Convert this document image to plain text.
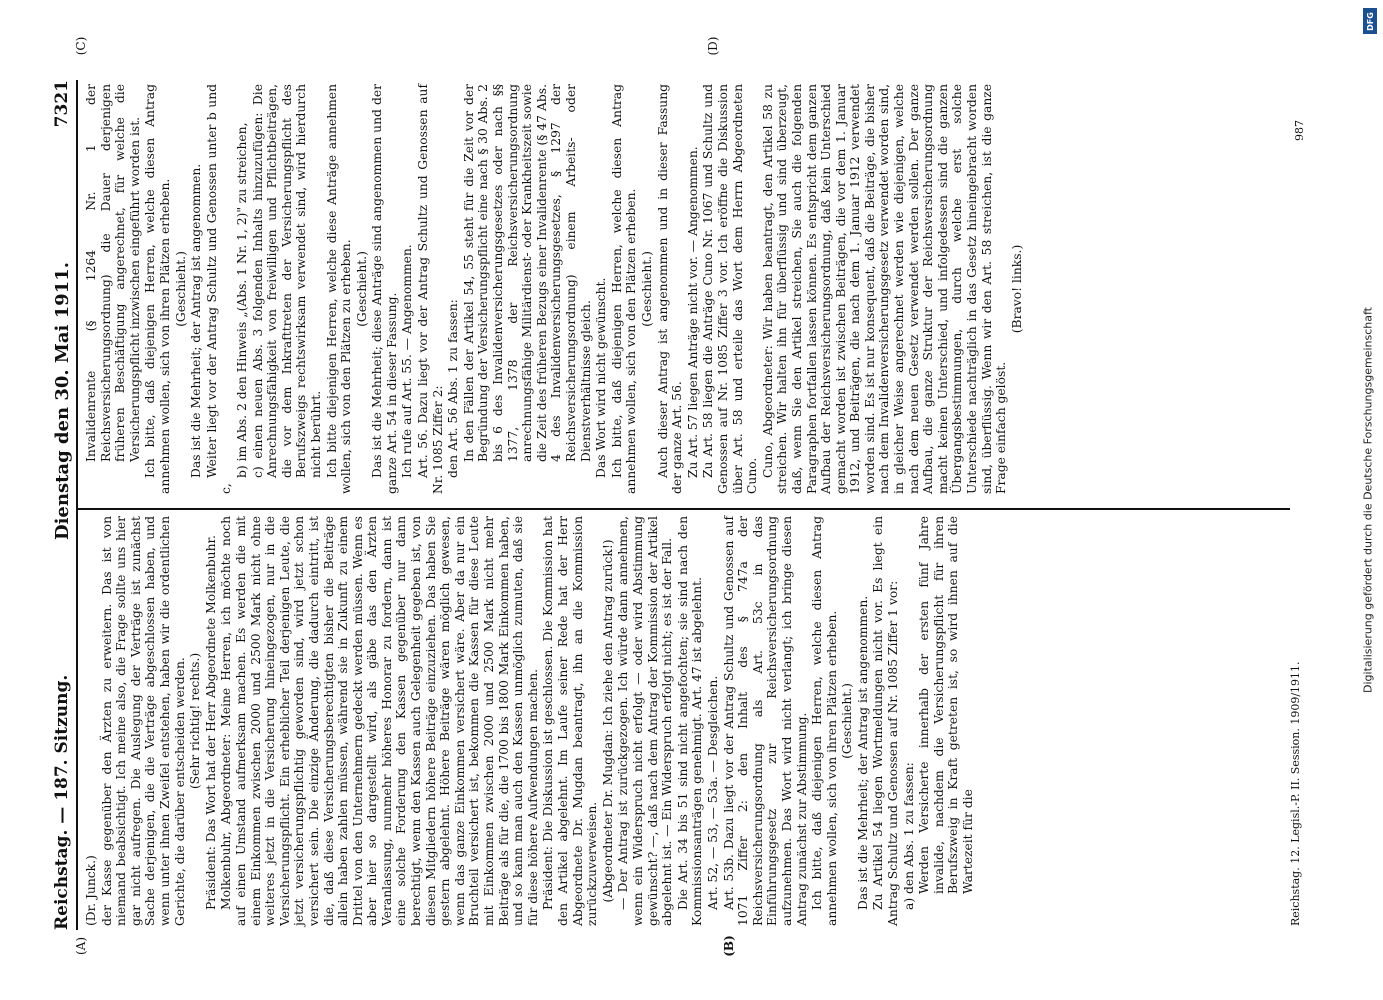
Reichstag. — 187. Sitzung.
Dienstag den 30. Mai 1911.
7321
(A)	(B)
(C)	(D)

(Dr. Junck.) der Kasse gegenüber den Ärzten zu erweitern. Das ist von niemand beabsichtigt. Ich meine also, die Frage sollte uns hier gar nicht aufregen. Die Auslegung der Verträge ist zunächst Sache derjenigen, die die Verträge abgeschlossen haben, und wenn unter ihnen Zweifel entstehen, haben wir die ordentlichen Gerichte, die darüber entscheiden werden. (Sehr richtig! rechts.) Präsident: Das Wort hat der Herr Abgeordnete Molkenbuhr. Molkenbuhr, Abgeordneter: Meine Herren, ich möchte noch auf einen Umstand aufmerksam machen. Es werden die mit einem Einkommen zwischen 2000 und 2500 Mark nicht ohne weiteres jetzt in die Versicherung hineingezogen, nur in die Versicherungspflicht. Ein erheblicher Teil derjenigen Leute, die jetzt versicherungspflichtig geworden sind, wird jetzt schon versichert sein. Die einzige Änderung, die dadurch eintritt, ist die, daß diese Versicherungsberechtigten bisher die Beiträge allein haben zahlen müssen, während sie in Zukunft zu einem Drittel von den Unternehmern gedeckt werden müssen. Wenn es aber hier so dargestellt wird, als gäbe das den Ärzten Veranlassung, nunmehr höheres Honorar zu fordern, dann ist eine solche Forderung den Kassen gegenüber nur dann berechtigt, wenn den Kassen auch Gelegenheit gegeben ist, von diesen Mitgliedern höhere Beiträge einzuziehen. Das haben Sie gestern abgelehnt. Höhere Beiträge wären möglich gewesen, wenn das ganze Einkommen versichert wäre. Aber da nur ein Bruchteil versichert ist, bekommen die Kassen für diese Leute mit Einkommen zwischen 2000 und 2500 Mark nicht mehr Beiträge als für die, die 1700 bis 1800 Mark Einkommen haben, und so kann man auch den Kassen unmöglich zumuten, daß sie für diese höhere Aufwendungen machen. Präsident: Die Diskussion ist geschlossen. Die Kommission hat den Artikel abgelehnt. Im Laufe seiner Rede hat der Herr Abgeordnete Dr. Mugdan beantragt, ihn an die Kommission zurückzuverweisen. (Abgeordneter Dr. Mugdan: Ich ziehe den Antrag zurück!) — Der Antrag ist zurückgezogen. Ich würde dann annehmen, wenn ein Widerspruch nicht erfolgt — oder wird Abstimmung gewünscht? —, daß nach dem Antrag der Kommission der Artikel abgelehnt ist. — Ein Widerspruch erfolgt nicht; es ist der Fall. Die Art. 34 bis 51 sind nicht angefochten; sie sind nach den Kommissionsanträgen genehmigt. Art. 47 ist abgelehnt. Art. 52, — 53, — 53a. — Desgleichen. Art. 53b. Dazu liegt vor der Antrag Schultz und Genossen auf 1071 Ziffer 2: den Inhalt des § 747a der Reichsversicherungsordnung als Art. 53c in das Einführungsgesetz zur Reichsversicherungsordnung aufzunehmen. Das Wort wird nicht verlangt; ich bringe diesen Antrag zunächst zur Abstimmung. Ich bitte, daß diejenigen Herren, welche diesen Antrag annehmen wollen, sich von ihren Plätzen erheben. (Geschieht.) Das ist die Mehrheit; der Antrag ist angenommen. Zu Artikel 54 liegen Wortmeldungen nicht vor. Es liegt ein Antrag Schultz und Genossen auf Nr. 1085 Ziffer 1 vor: a) den Abs. 1 zu fassen: Werden Versicherte innerhalb der ersten fünf Jahre invalide, nachdem die Versicherungspflicht für ihren Berufszweig in Kraft getreten ist, so wird ihnen auf die Wartezeit für die

Invalidenrente (§ 1264 Nr. 1 der Reichsversicherungsordnung) die Dauer derjenigen früheren Beschäftigung angerechnet, für welche die Versicherungspflicht inzwischen eingeführt worden ist. Ich bitte, daß diejenigen Herren, welche diesen Antrag annehmen wollen, sich von ihren Plätzen erheben. (Geschieht.) Das ist die Mehrheit; der Antrag ist angenommen. Weiter liegt vor der Antrag Schultz und Genossen unter b und c,

b) im Abs. 2 den Hinweis „(Abs. 1 Nr. 1, 2)" zu streichen, c) einen neuen Abs. 3 folgenden Inhalts hinzuzufügen: Die Anrechnungsfähigkeit von freiwilligen und Pflichtbeiträgen, die vor dem Inkrafttreten der Versicherungspflicht des Berufszweigs rechtswirksam verwendet sind, wird hierdurch nicht berührt. Ich bitte diejenigen Herren, welche diese Anträge annehmen wollen, sich von den Plätzen zu erheben. (Geschieht.) Das ist die Mehrheit; diese Anträge sind angenommen und der ganze Art. 54 in dieser Fassung. Ich rufe auf Art. 55. — Angenommen. Art. 56. Dazu liegt vor der Antrag Schultz und Genossen auf Nr. 1085 Ziffer 2: den Art. 56 Abs. 1 zu fassen: In den Fällen der Artikel 54, 55 steht für die Zeit vor der Begründung der Versicherungspflicht eine nach § 30 Abs. 2 bis 6 des Invalidenversicherungsgesetzes oder nach §§ 1377, 1378 der Reichsversicherungsordnung anrechnungsfähige Militärdienst- oder Krankheitszeit sowie die Zeit des früheren Bezugs einer Invalidenrente (§ 47 Abs. 4 des Invalidenversicherungsgesetzes, § 1297 der Reichsversicherungsordnung) einem Arbeits- oder Dienstverhältnisse gleich. Das Wort wird nicht gewünscht. Ich bitte, daß diejenigen Herren, welche diesen Antrag annehmen wollen, sich von den Plätzen erheben. (Geschieht.) Auch dieser Antrag ist angenommen und in dieser Fassung der ganze Art. 56. Zu Art. 57 liegen Anträge nicht vor. — Angenommen. Zu Art. 58 liegen die Anträge Cuno Nr. 1067 und Schultz und Genossen auf Nr. 1085 Ziffer 3 vor. Ich eröffne die Diskussion über Art. 58 und erteile das Wort dem Herrn Abgeordneten Cuno. Cuno, Abgeordneter: Wir haben beantragt, den Artikel 58 zu streichen. Wir halten ihn für überflüssig und sind überzeugt, daß, wenn Sie den Artikel streichen, Sie auch die folgenden Paragraphen fortfallen lassen können. Es entspricht dem ganzen Aufbau der Reichsversicherungsordnung, daß kein Unterschied gemacht worden ist zwischen Beiträgen, die vor dem 1. Januar 1912, und Beiträgen, die nach dem 1. Januar 1912 verwendet worden sind. Es ist nur konsequent, daß die Beiträge, die bisher nach dem Invalidenversicherungsgesetz verwendet worden sind, in gleicher Weise angerechnet werden wie diejenigen, welche nach dem neuen Gesetz verwendet werden sollen. Der ganze Aufbau, die ganze Struktur der Reichsversicherungsordnung macht keinen Unterschied, und infolgedessen sind die ganzen Übergangsbestimmungen, durch welche erst solche Unterschiede nachträglich in das Gesetz hineingebracht worden sind, überflüssig. Wenn wir den Art. 58 streichen, ist die ganze Frage einfach gelöst.

(Bravo! links.)

Reichstag. 12. Legisl.-P. II. Session. 1909/1911.
987
DFG
Digitalisierung gefördert durch die Deutsche Forschungsgemeinschaft
